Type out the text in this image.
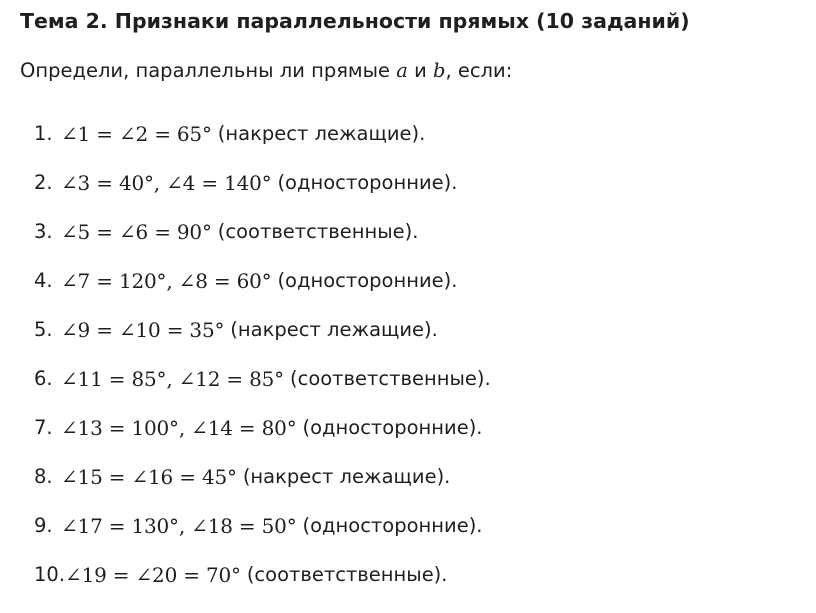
Тема 2. Признаки параллельности прямых (10 заданий)

Определи, параллельны ли прямые a и b, если:

1. ∠1 = ∠2 = 65° (накрест лежащие).
2. ∠3 = 40°, ∠4 = 140° (односторонние).
3. ∠5 = ∠6 = 90° (соответственные).
4. ∠7 = 120°, ∠8 = 60° (односторонние).
5. ∠9 = ∠10 = 35° (накрест лежащие).
6. ∠11 = 85°, ∠12 = 85° (соответственные).
7. ∠13 = 100°, ∠14 = 80° (односторонние).
8. ∠15 = ∠16 = 45° (накрест лежащие).
9. ∠17 = 130°, ∠18 = 50° (односторонние).
10. ∠19 = ∠20 = 70° (соответственные).
